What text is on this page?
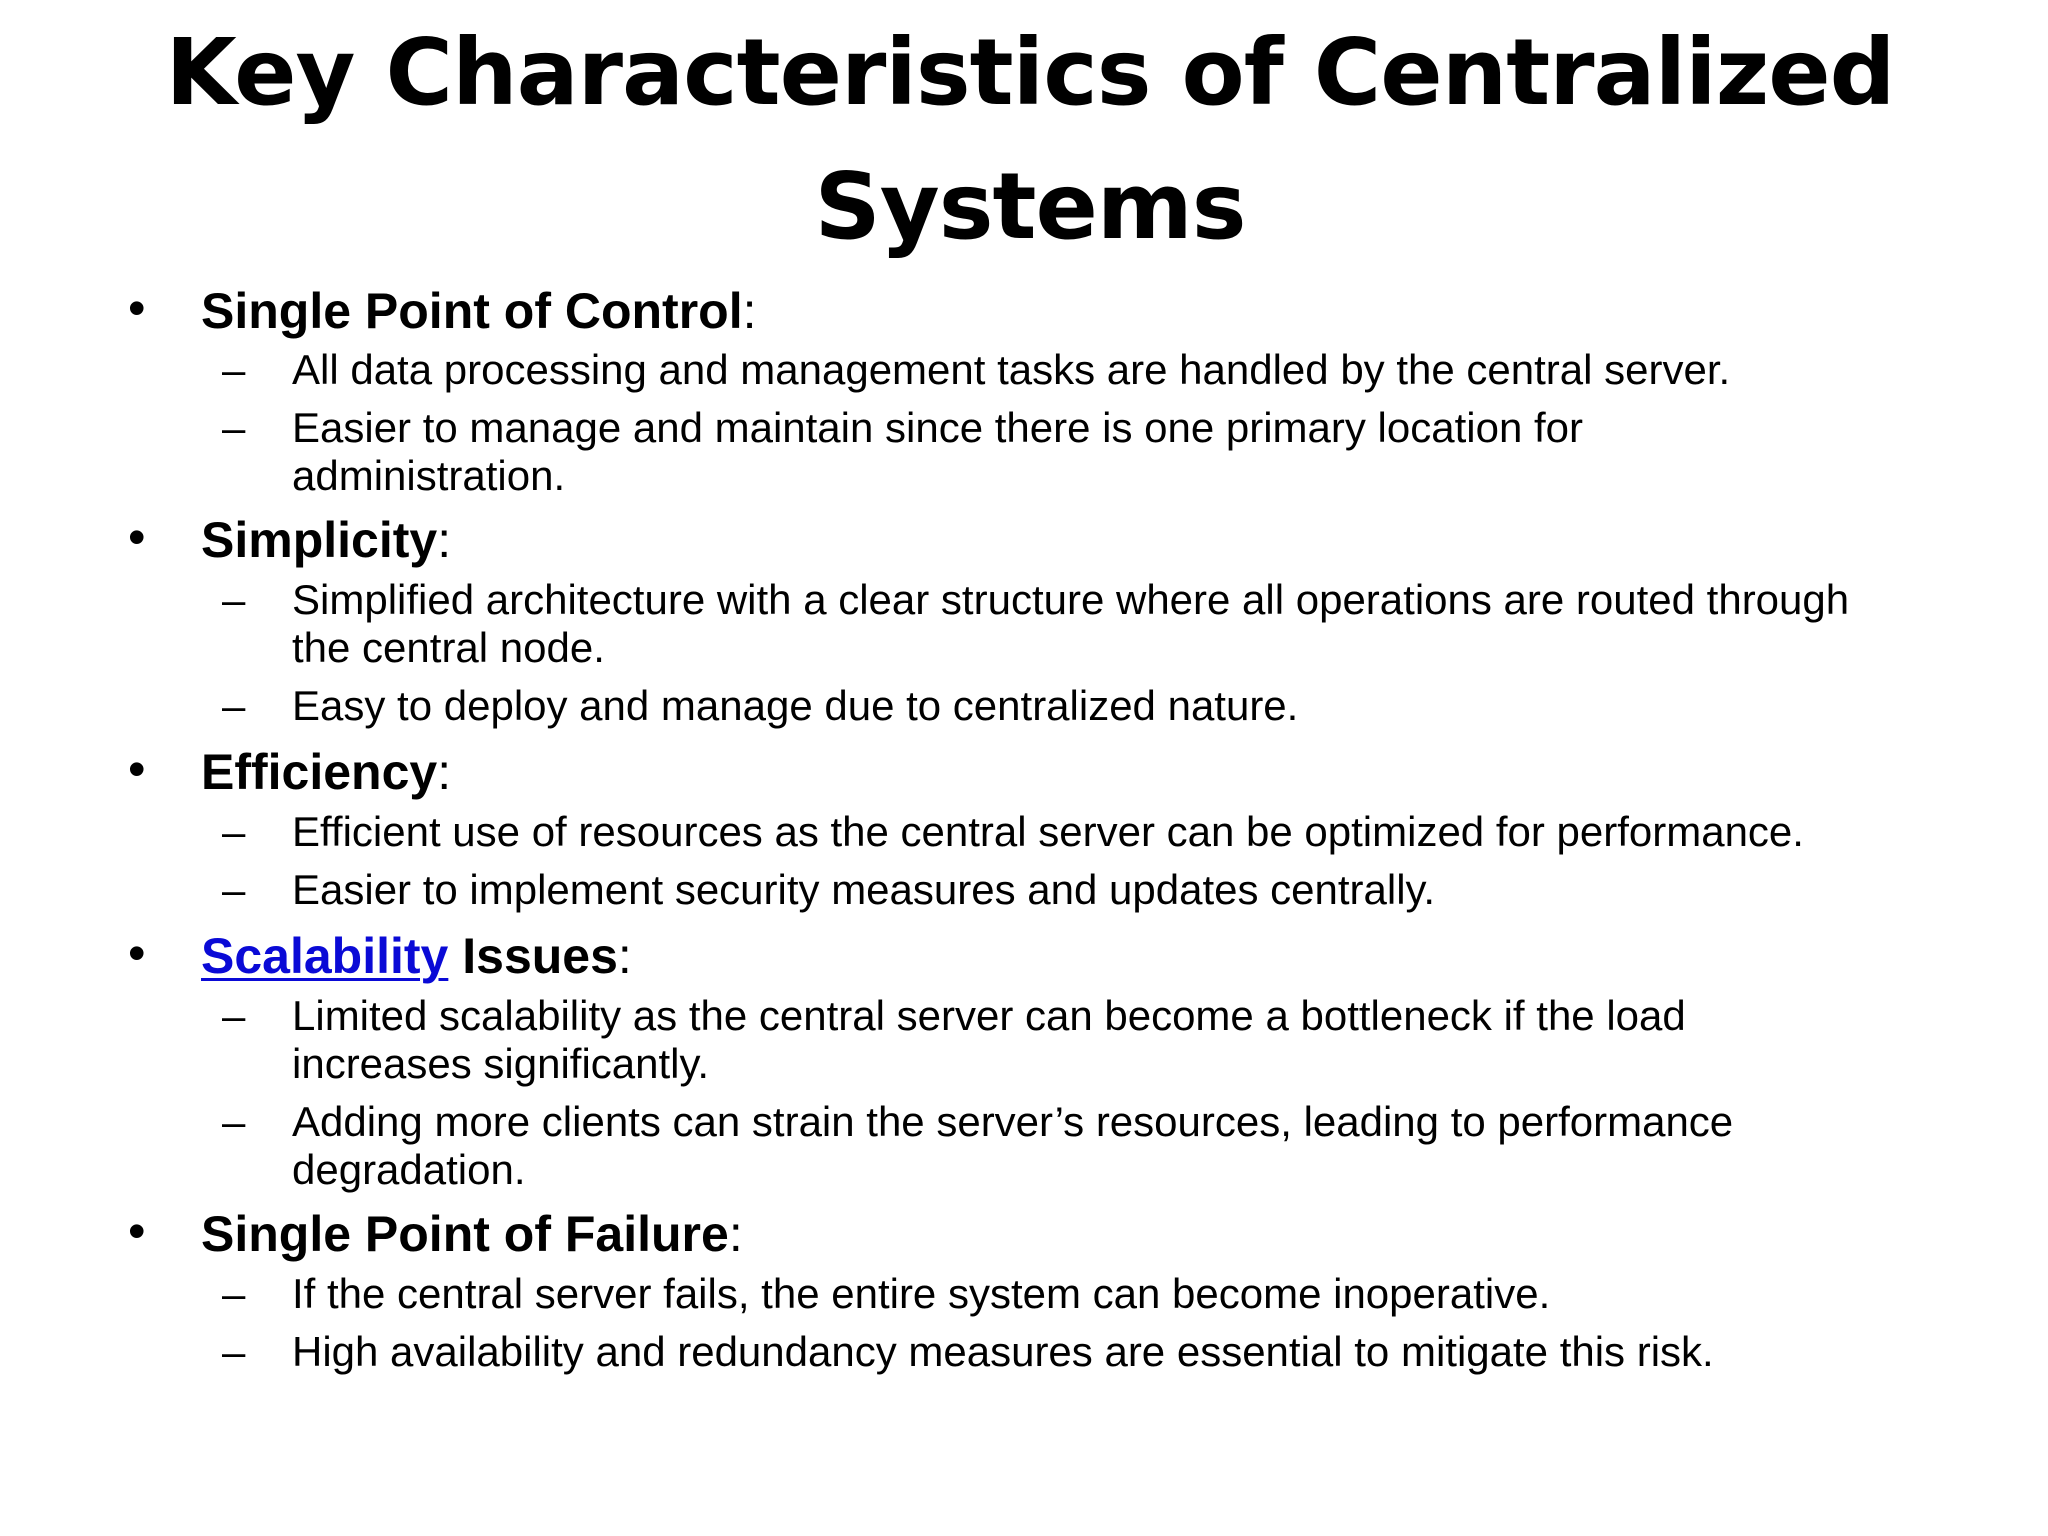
Key Characteristics of Centralized Systems
• Single Point of Control:
– All data processing and management tasks are handled by the central server.
– Easier to manage and maintain since there is one primary location for administration.
• Simplicity:
– Simplified architecture with a clear structure where all operations are routed through the central node.
– Easy to deploy and manage due to centralized nature.
• Efficiency:
– Efficient use of resources as the central server can be optimized for performance.
– Easier to implement security measures and updates centrally.
• Scalability Issues:
– Limited scalability as the central server can become a bottleneck if the load increases significantly.
– Adding more clients can strain the server’s resources, leading to performance degradation.
• Single Point of Failure:
– If the central server fails, the entire system can become inoperative.
– High availability and redundancy measures are essential to mitigate this risk.
